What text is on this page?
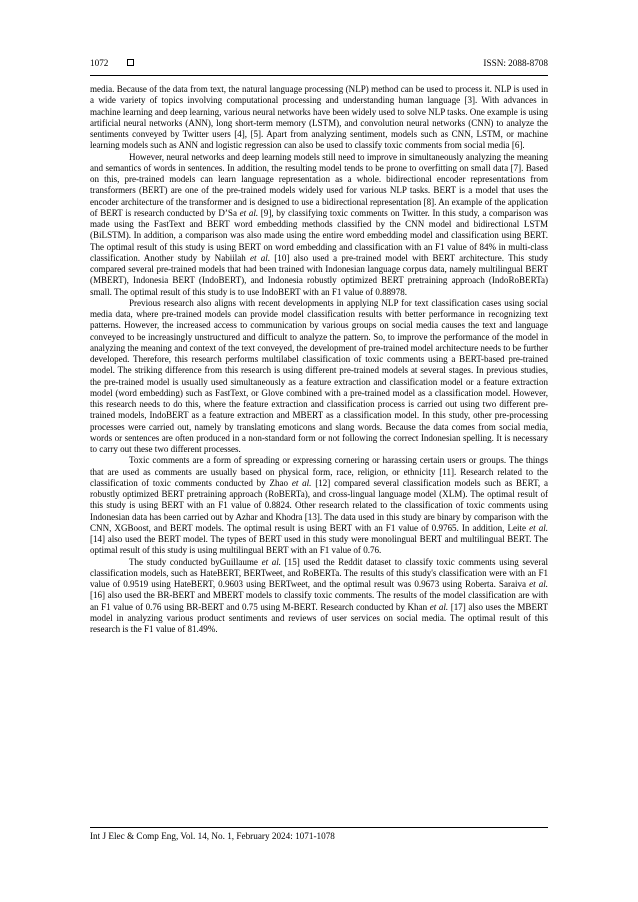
1072	ISSN: 2088-8708

media. Because of the data from text, the natural language processing (NLP) method can be used to process it. NLP is used in a wide variety of topics involving computational processing and understanding human language [3]. With advances in machine learning and deep learning, various neural networks have been widely used to solve NLP tasks. One example is using artificial neural networks (ANN), long short-term memory (LSTM), and convolution neural networks (CNN) to analyze the sentiments conveyed by Twitter users [4], [5]. Apart from analyzing sentiment, models such as CNN, LSTM, or machine learning models such as ANN and logistic regression can also be used to classify toxic comments from social media [6].

However, neural networks and deep learning models still need to improve in simultaneously analyzing the meaning and semantics of words in sentences. In addition, the resulting model tends to be prone to overfitting on small data [7]. Based on this, pre-trained models can learn language representation as a whole. bidirectional encoder representations from transformers (BERT) are one of the pre-trained models widely used for various NLP tasks. BERT is a model that uses the encoder architecture of the transformer and is designed to use a bidirectional representation [8]. An example of the application of BERT is research conducted by D’Sa et al. [9], by classifying toxic comments on Twitter. In this study, a comparison was made using the FastText and BERT word embedding methods classified by the CNN model and bidirectional LSTM (BiLSTM). In addition, a comparison was also made using the entire word embedding model and classification using BERT. The optimal result of this study is using BERT on word embedding and classification with an F1 value of 84% in multi-class classification. Another study by Nabiilah et al. [10] also used a pre-trained model with BERT architecture. This study compared several pre-trained models that had been trained with Indonesian language corpus data, namely multilingual BERT (MBERT), Indonesia BERT (IndoBERT), and Indonesia robustly optimized BERT pretraining approach (IndoRoBERTa) small. The optimal result of this study is to use IndoBERT with an F1 value of 0.88978.

Previous research also aligns with recent developments in applying NLP for text classification cases using social media data, where pre-trained models can provide model classification results with better performance in recognizing text patterns. However, the increased access to communication by various groups on social media causes the text and language conveyed to be increasingly unstructured and difficult to analyze the pattern. So, to improve the performance of the model in analyzing the meaning and context of the text conveyed, the development of pre-trained model architecture needs to be further developed. Therefore, this research performs multilabel classification of toxic comments using a BERT-based pre-trained model. The striking difference from this research is using different pre-trained models at several stages. In previous studies, the pre-trained model is usually used simultaneously as a feature extraction and classification model or a feature extraction model (word embedding) such as FastText, or Glove combined with a pre-trained model as a classification model. However, this research needs to do this, where the feature extraction and classification process is carried out using two different pre-trained models, IndoBERT as a feature extraction and MBERT as a classification model. In this study, other pre-processing processes were carried out, namely by translating emoticons and slang words. Because the data comes from social media, words or sentences are often produced in a non-standard form or not following the correct Indonesian spelling. It is necessary to carry out these two different processes.

Toxic comments are a form of spreading or expressing cornering or harassing certain users or groups. The things that are used as comments are usually based on physical form, race, religion, or ethnicity [11]. Research related to the classification of toxic comments conducted by Zhao et al. [12] compared several classification models such as BERT, a robustly optimized BERT pretraining approach (RoBERTa), and cross-lingual language model (XLM). The optimal result of this study is using BERT with an F1 value of 0.8824. Other research related to the classification of toxic comments using Indonesian data has been carried out by Azhar and Khodra [13]. The data used in this study are binary by comparison with the CNN, XGBoost, and BERT models. The optimal result is using BERT with an F1 value of 0.9765. In addition, Leite et al. [14] also used the BERT model. The types of BERT used in this study were monolingual BERT and multilingual BERT. The optimal result of this study is using multilingual BERT with an F1 value of 0.76.

The study conducted byGuillaume et al. [15] used the Reddit dataset to classify toxic comments using several classification models, such as HateBERT, BERTweet, and RoBERTa. The results of this study's classification were with an F1 value of 0.9519 using HateBERT, 0.9603 using BERTweet, and the optimal result was 0.9673 using Roberta. Saraiva et al. [16] also used the BR-BERT and MBERT models to classify toxic comments. The results of the model classification are with an F1 value of 0.76 using BR-BERT and 0.75 using M-BERT. Research conducted by Khan et al. [17] also uses the MBERT model in analyzing various product sentiments and reviews of user services on social media. The optimal result of this research is the F1 value of 81.49%.

Int J Elec & Comp Eng, Vol. 14, No. 1, February 2024: 1071-1078
